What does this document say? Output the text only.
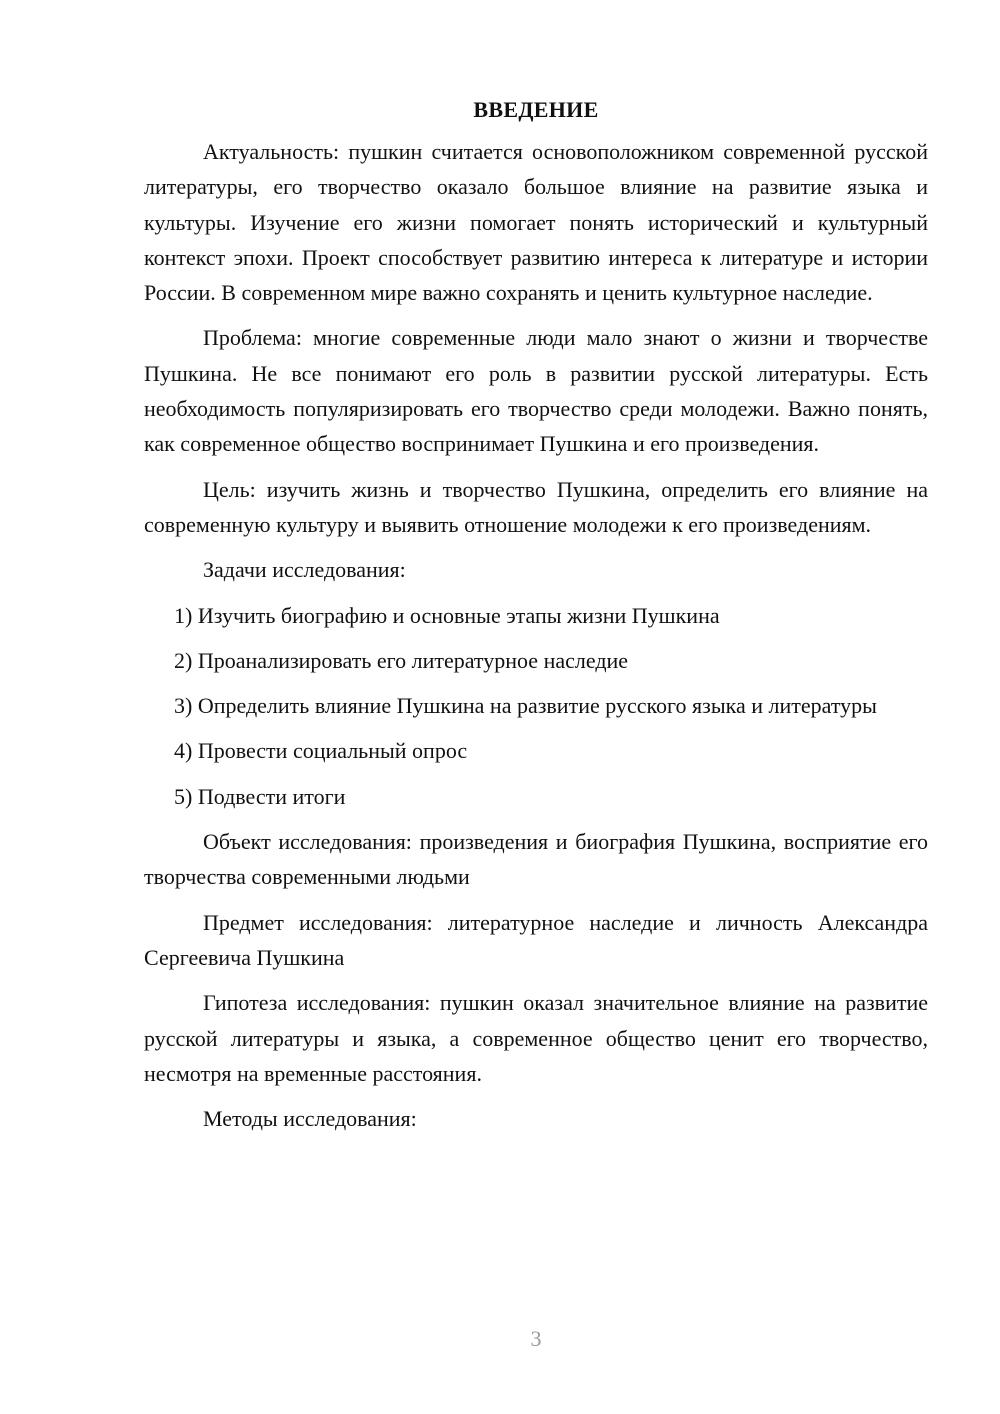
ВВЕДЕНИЕ

Актуальность: пушкин считается основоположником современной русской литературы, его творчество оказало большое влияние на развитие языка и культуры. Изучение его жизни помогает понять исторический и культурный контекст эпохи. Проект способствует развитию интереса к литературе и истории России. В современном мире важно сохранять и ценить культурное наследие.

Проблема: многие современные люди мало знают о жизни и творчестве Пушкина. Не все понимают его роль в развитии русской литературы. Есть необходимость популяризировать его творчество среди молодежи. Важно понять, как современное общество воспринимает Пушкина и его произведения.

Цель: изучить жизнь и творчество Пушкина, определить его влияние на современную культуру и выявить отношение молодежи к его произведениям.

Задачи исследования:

1) Изучить биографию и основные этапы жизни Пушкина

2) Проанализировать его литературное наследие

3) Определить влияние Пушкина на развитие русского языка и литературы

4) Провести социальный опрос

5) Подвести итоги

Объект исследования: произведения и биография Пушкина, восприятие его творчества современными людьми

Предмет исследования: литературное наследие и личность Александра Сергеевича Пушкина

Гипотеза исследования: пушкин оказал значительное влияние на развитие русской литературы и языка, а современное общество ценит его творчество, несмотря на временные расстояния.

Методы исследования:

3
